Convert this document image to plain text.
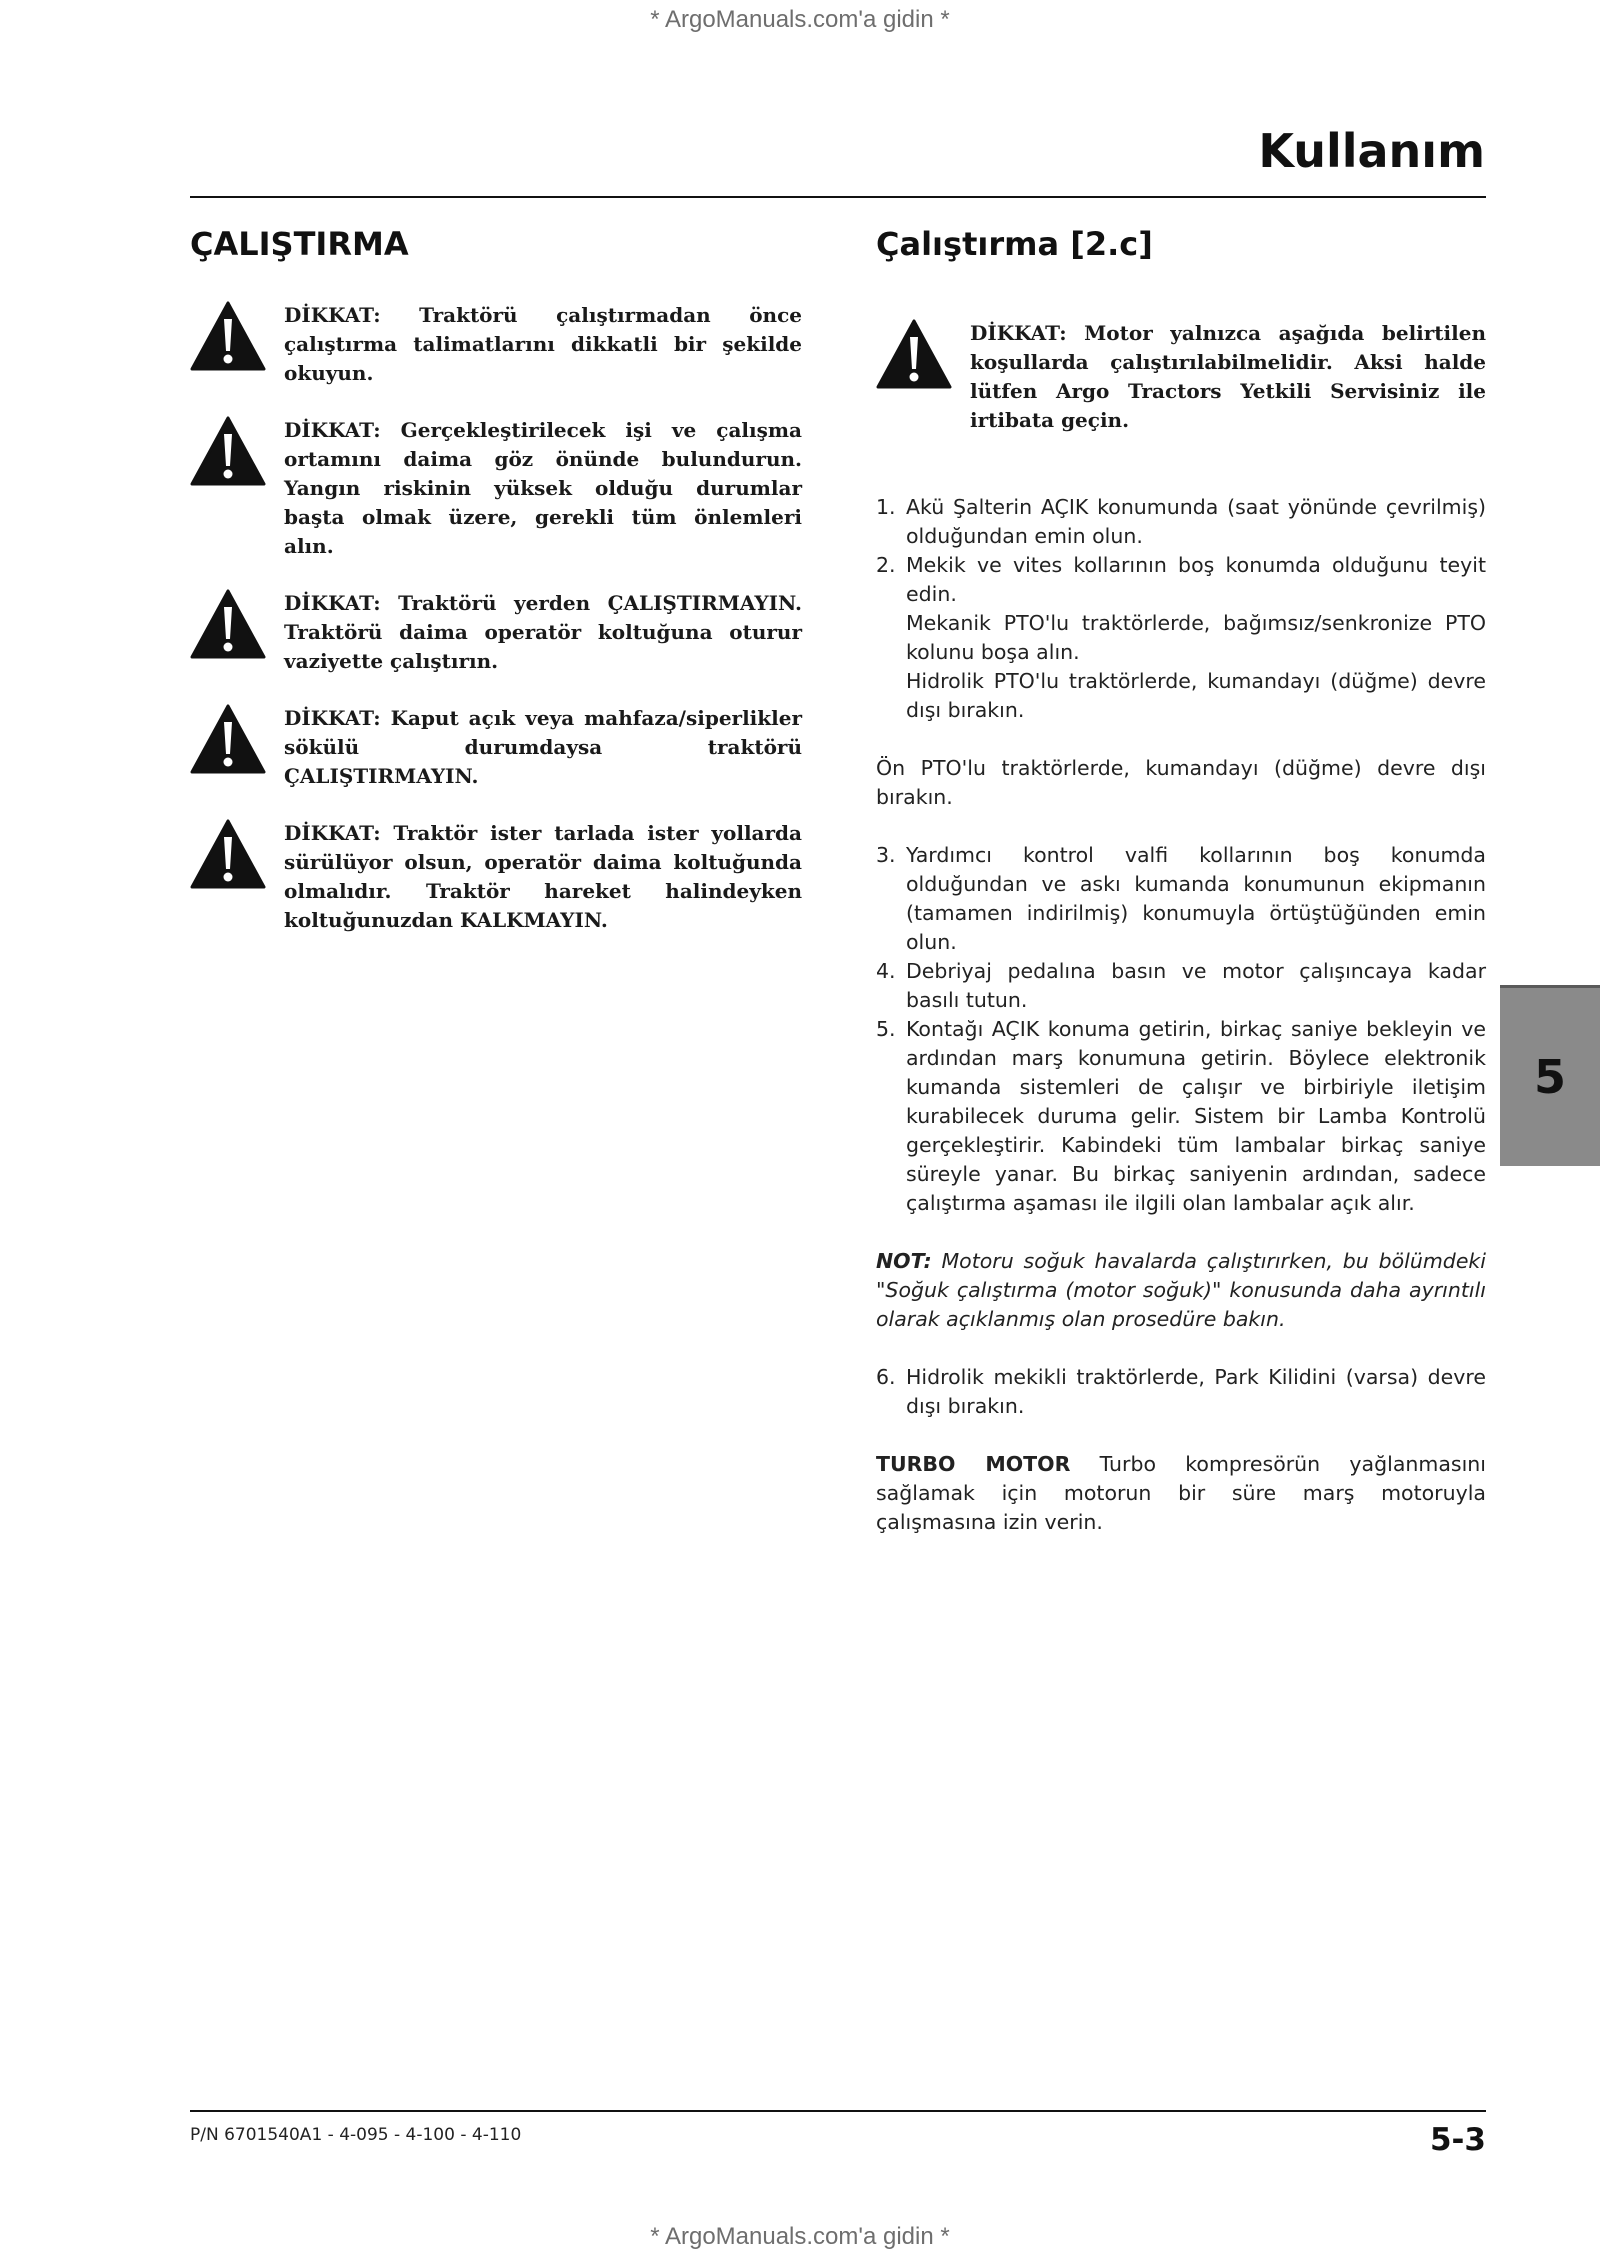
* ArgoManuals.com'a gidin *
Kullanım
ÇALIŞTIRMA
DİKKAT: Traktörü çalıştırmadan önce çalıştırma talimatlarını dikkatli bir şekilde okuyun.
DİKKAT: Gerçekleştirilecek işi ve çalışma ortamını daima göz önünde bulundurun. Yangın riskinin yüksek olduğu durumlar başta olmak üzere, gerekli tüm önlemleri alın.
DİKKAT: Traktörü yerden ÇALIŞTIRMAYIN. Traktörü daima operatör koltuğuna oturur vaziyette çalıştırın.
DİKKAT: Kaput açık veya mahfaza/siperlikler sökülü durumdaysa traktörü ÇALIŞTIRMAYIN.
DİKKAT: Traktör ister tarlada ister yollarda sürülüyor olsun, operatör daima koltuğunda olmalıdır. Traktör hareket halindeyken koltuğunuzdan KALKMAYIN.
Çalıştırma [2.c]
DİKKAT: Motor yalnızca aşağıda belirtilen koşullarda çalıştırılabilmelidir. Aksi halde lütfen Argo Tractors Yetkili Servisiniz ile irtibata geçin.
1. Akü Şalterin AÇIK konumunda (saat yönünde çevrilmiş) olduğundan emin olun.
2. Mekik ve vites kollarının boş konumda olduğunu teyit edin.
Mekanik PTO'lu traktörlerde, bağımsız/senkronize PTO kolunu boşa alın.
Hidrolik PTO'lu traktörlerde, kumandayı (düğme) devre dışı bırakın.

Ön PTO'lu traktörlerde, kumandayı (düğme) devre dışı bırakın.

3. Yardımcı kontrol valfi kollarının boş konumda olduğundan ve askı kumanda konumunun ekipmanın (tamamen indirilmiş) konumuyla örtüştüğünden emin olun.
4. Debriyaj pedalına basın ve motor çalışıncaya kadar basılı tutun.
5. Kontağı AÇIK konuma getirin, birkaç saniye bekleyin ve ardından marş konumuna getirin. Böylece elektronik kumanda sistemleri de çalışır ve birbiriyle iletişim kurabilecek duruma gelir. Sistem bir Lamba Kontrolü gerçekleştirir. Kabindeki tüm lambalar birkaç saniye süreyle yanar. Bu birkaç saniyenin ardından, sadece çalıştırma aşaması ile ilgili olan lambalar açık alır.

NOT: Motoru soğuk havalarda çalıştırırken, bu bölümdeki "Soğuk çalıştırma (motor soğuk)" konusunda daha ayrıntılı olarak açıklanmış olan prosedüre bakın.

6. Hidrolik mekikli traktörlerde, Park Kilidini (varsa) devre dışı bırakın.

TURBO MOTOR Turbo kompresörün yağlanmasını sağlamak için motorun bir süre marş motoruyla çalışmasına izin verin.

5
P/N 6701540A1 - 4-095 - 4-100 - 4-110	5-3
* ArgoManuals.com'a gidin *
